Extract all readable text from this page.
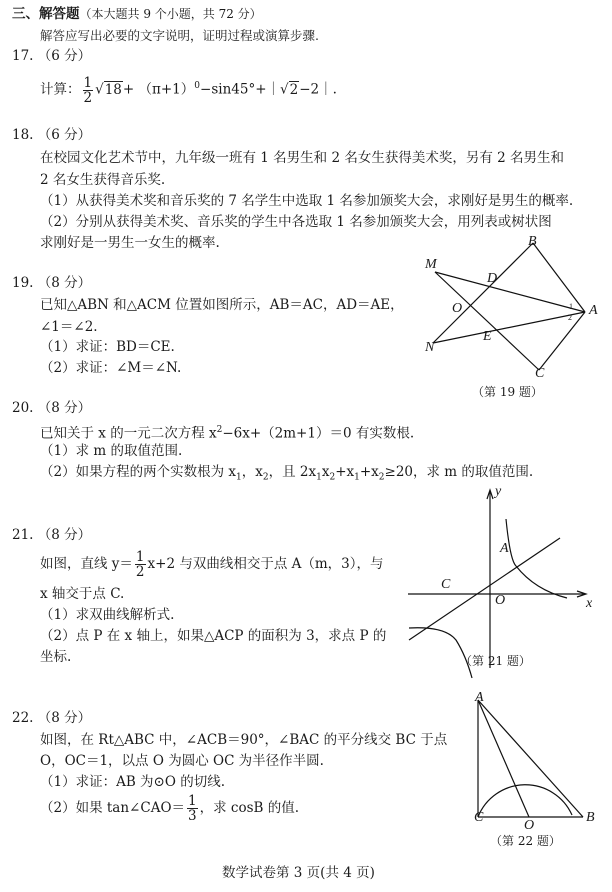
三、解答题（本大题共 9 个小题，共 72 分）
解答应写出必要的文字说明，证明过程或演算步骤.
17. （6 分）
计算： $\frac{1}{2} √18+$ $(\pi+1)^0-\sin 45^\circ+|√2-2|$.
18. （6 分）
在校园文化艺术节中，九年级一班有 1 名男生和 2 名女生获得美术奖，另有 2 名男生和
2 名女生获得音乐奖.
（1）从获得美术奖和音乐奖的 7 名学生中选取 1 名参加颁奖大会，求刚好是男生的概率.
（2）分别从获得美术奖、音乐奖的学生中各选取 1 名参加颁奖大会，用列表或树状图
求刚好是一男生一女生的概率.
19. （8 分）
已知△ABN 和△ACM 位置如图所示，AB＝AC，AD＝AE，
∠1＝∠2.
（1）求证：BD＝CE.
（2）求证：∠M＝∠N.
20. （8 分）
已知关于 x 的一元二次方程 $x^2-6x+(2m+1)=0$ 有实数根.
（1）求 m 的取值范围.
（2）如果方程的两个实数根为 $x_1$，$x_2$，且 $2x_1x_2+x_1+x_2\ge 20$，求 m 的取值范围.
21. （8 分）
如图，直线 $y= \frac{1}{2} x+2$ 与双曲线相交于点 A（m，3），与
x 轴交于点 C.
（1）求双曲线解析式.
（2）点 P 在 x 轴上，如果△ACP 的面积为 3，求点 P 的
坐标.
22. （8 分）
如图，在 Rt△ABC 中，∠ACB＝90°，∠BAC 的平分线交 BC 于点
O，OC＝1，以点 O 为圆心 OC 为半径作半圆.
（1）求证：AB 为⊙O 的切线.
（2）如果 tan∠CAO＝ $\frac{1}{3}$ ，求 cosB 的值.
M
B
D
O	A
N
E
C
1
2
（第 19 题）
y
x
A
C
O
（第 21 题）
A
C
O
B
（第 22 题）
数学试卷第 3 页(共 4 页)
